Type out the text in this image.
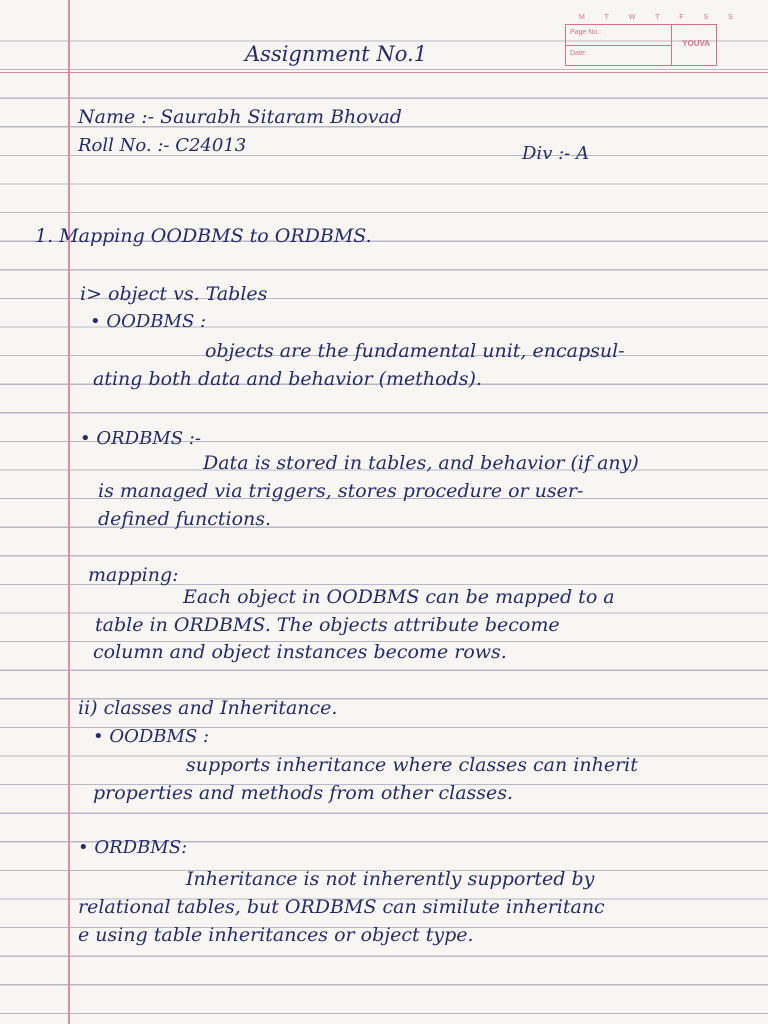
M T W T F S S
Page No.:
Date:
YOUVA
Assignment No.1
Name :- Saurabh Sitaram Bhovad
Roll No. :- C24013	Div :- A
1. Mapping OODBMS to ORDBMS.
i> object vs. Tables
• OODBMS :
objects are the fundamental unit, encapsul-
ating both data and behavior (methods).
• ORDBMS :-
Data is stored in tables, and behavior (if any)
is managed via triggers, stores procedure or user-
defined functions.
mapping:
Each object in OODBMS can be mapped to a
table in ORDBMS. The objects attribute become
column and object instances become rows.
ii) classes and Inheritance.
• OODBMS :
supports inheritance where classes can inherit
properties and methods from other classes.
• ORDBMS:
Inheritance is not inherently supported by
relational tables, but ORDBMS can similute inheritanc
e using table inheritances or object type.
